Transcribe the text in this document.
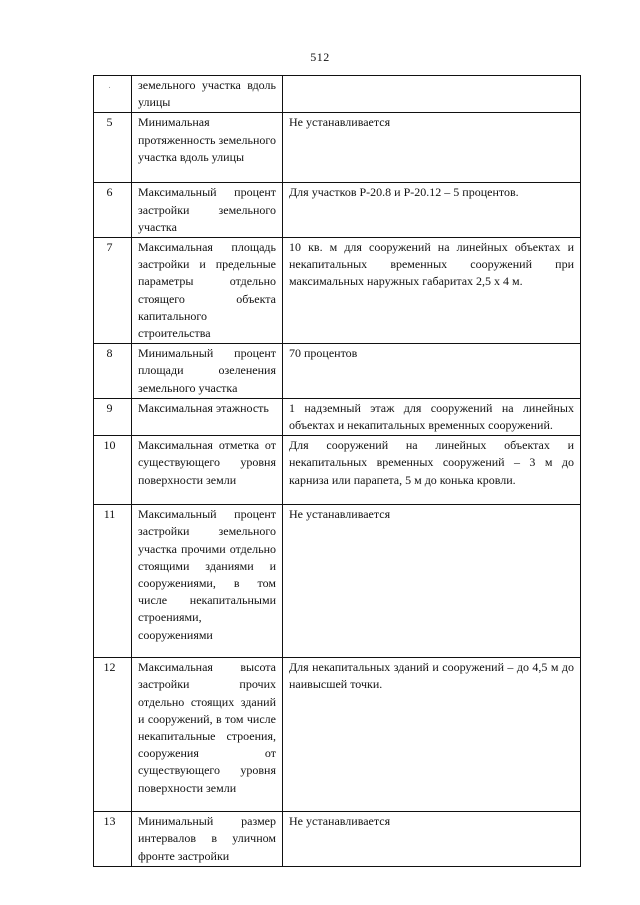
512
.	земельного участка вдоль улицы	
5	Минимальная протяженность земельного участка вдоль улицы	Не устанавливается
6	Максимальный процент застройки земельного участка	Для участков Р-20.8 и Р-20.12 – 5 процентов.
7	Максимальная площадь застройки и предельные параметры отдельно стоящего объекта капитального строительства	10 кв. м для сооружений на линейных объектах и некапитальных временных сооружений при максимальных наружных габаритах 2,5 x 4 м.
8	Минимальный процент площади озеленения земельного участка	70 процентов
9	Максимальная этажность	1 надземный этаж для сооружений на линейных объектах и некапитальных временных сооружений.
10	Максимальная отметка от существующего уровня поверхности земли	Для сооружений на линейных объектах и некапитальных временных сооружений – 3 м до карниза или парапета, 5 м до конька кровли.
11	Максимальный процент застройки земельного участка прочими отдельно стоящими зданиями и сооружениями, в том числе некапитальными строениями, сооружениями	Не устанавливается
12	Максимальная высота застройки прочих отдельно стоящих зданий и сооружений, в том числе некапитальные строения, сооружения от существующего уровня поверхности земли	Для некапитальных зданий и сооружений – до 4,5 м до наивысшей точки.
13	Минимальный размер интервалов в уличном фронте застройки	Не устанавливается
